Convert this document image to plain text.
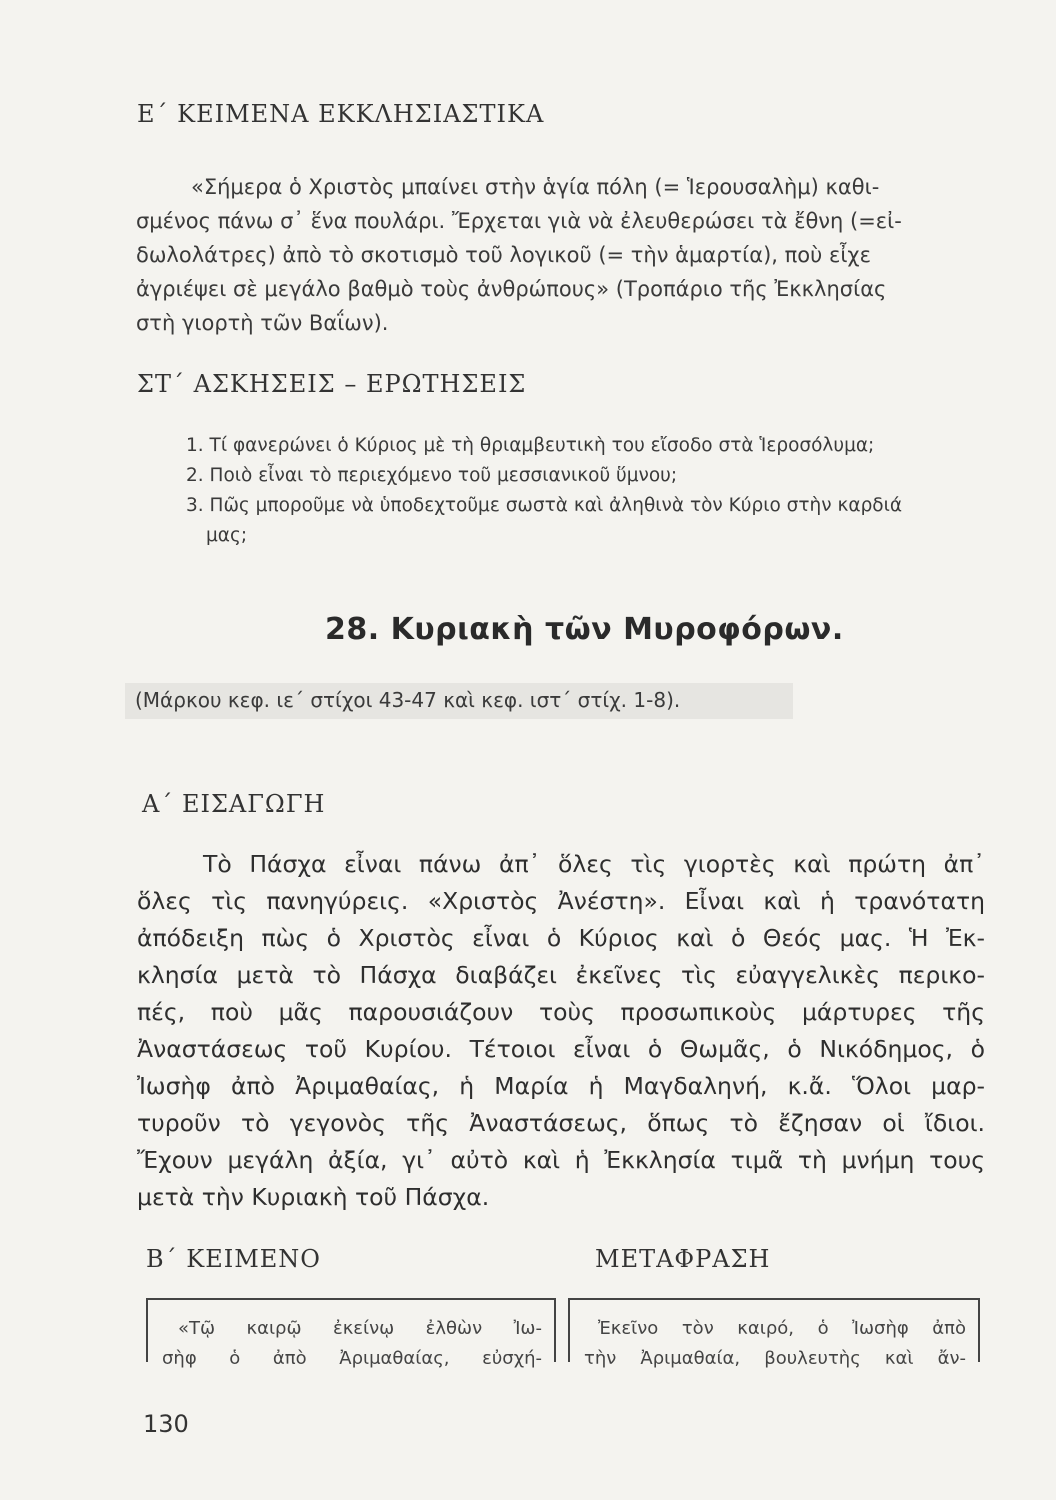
Ε΄ ΚΕΙΜΕΝΑ ΕΚΚΛΗΣΙΑΣΤΙΚΑ
«Σήμερα ὁ Χριστὸς μπαίνει στὴν ἁγία πόλη (= Ἱερουσαλὴμ) καθι-
σμένος πάνω σ᾽ ἕνα πουλάρι. Ἔρχεται γιὰ νὰ ἐλευθερώσει τὰ ἔθνη (=εἰ-
δωλολάτρες) ἀπὸ τὸ σκοτισμὸ τοῦ λογικοῦ (= τὴν ἁμαρτία), ποὺ εἶχε
ἀγριέψει σὲ μεγάλο βαθμὸ τοὺς ἀνθρώπους» (Τροπάριο τῆς Ἐκκλησίας
στὴ γιορτὴ τῶν Βαΐων).
ΣΤ΄ ΑΣΚΗΣΕΙΣ – ΕΡΩΤΗΣΕΙΣ
1. Τί φανερώνει ὁ Κύριος μὲ τὴ θριαμβευτικὴ του εἴσοδο στὰ Ἱεροσόλυμα;
2. Ποιὸ εἶναι τὸ περιεχόμενο τοῦ μεσσιανικοῦ ὕμνου;
3. Πῶς μποροῦμε νὰ ὑποδεχτοῦμε σωστὰ καὶ ἀληθινὰ τὸν Κύριο στὴν καρδιά
μας;
28. Κυριακὴ τῶν Μυροφόρων.

(Μάρκου κεφ. ιε΄ στίχοι 43-47 καὶ κεφ. ιστ΄ στίχ. 1-8).

Α΄ ΕΙΣΑΓΩΓΗ
Τὸ Πάσχα εἶναι πάνω ἀπ᾽ ὅλες τὶς γιορτὲς καὶ πρώτη ἀπ᾽
ὅλες τὶς πανηγύρεις. «Χριστὸς Ἀνέστη». Εἶναι καὶ ἡ τρανότατη
ἀπόδειξη πὼς ὁ Χριστὸς εἶναι ὁ Κύριος καὶ ὁ Θεός μας. Ἡ Ἐκ-
κλησία μετὰ τὸ Πάσχα διαβάζει ἐκεῖνες τὶς εὐαγγελικὲς περικο-
πές, ποὺ μᾶς παρουσιάζουν τοὺς προσωπικοὺς μάρτυρες τῆς
Ἀναστάσεως τοῦ Κυρίου. Τέτοιοι εἶναι ὁ Θωμᾶς, ὁ Νικόδημος, ὁ
Ἰωσὴφ ἀπὸ Ἀριμαθαίας, ἡ Μαρία ἡ Μαγδαληνή, κ.ἄ. Ὅλοι μαρ-
τυροῦν τὸ γεγονὸς τῆς Ἀναστάσεως, ὅπως τὸ ἔζησαν οἱ ἴδιοι.
Ἔχουν μεγάλη ἀξία, γι᾽ αὐτὸ καὶ ἡ Ἐκκλησία τιμᾶ τὴ μνήμη τους
μετὰ τὴν Κυριακὴ τοῦ Πάσχα.
Β΄ ΚΕΙΜΕΝΟ	ΜΕΤΑΦΡΑΣΗ

«Τῷ καιρῷ ἐκείνῳ ἐλθὼν Ἰω-
σὴφ ὁ ἀπὸ Ἀριμαθαίας, εὐσχή-

Ἐκεῖνο τὸν καιρό, ὁ Ἰωσὴφ ἀπὸ
τὴν Ἀριμαθαία, βουλευτὴς καὶ ἄν-

130
